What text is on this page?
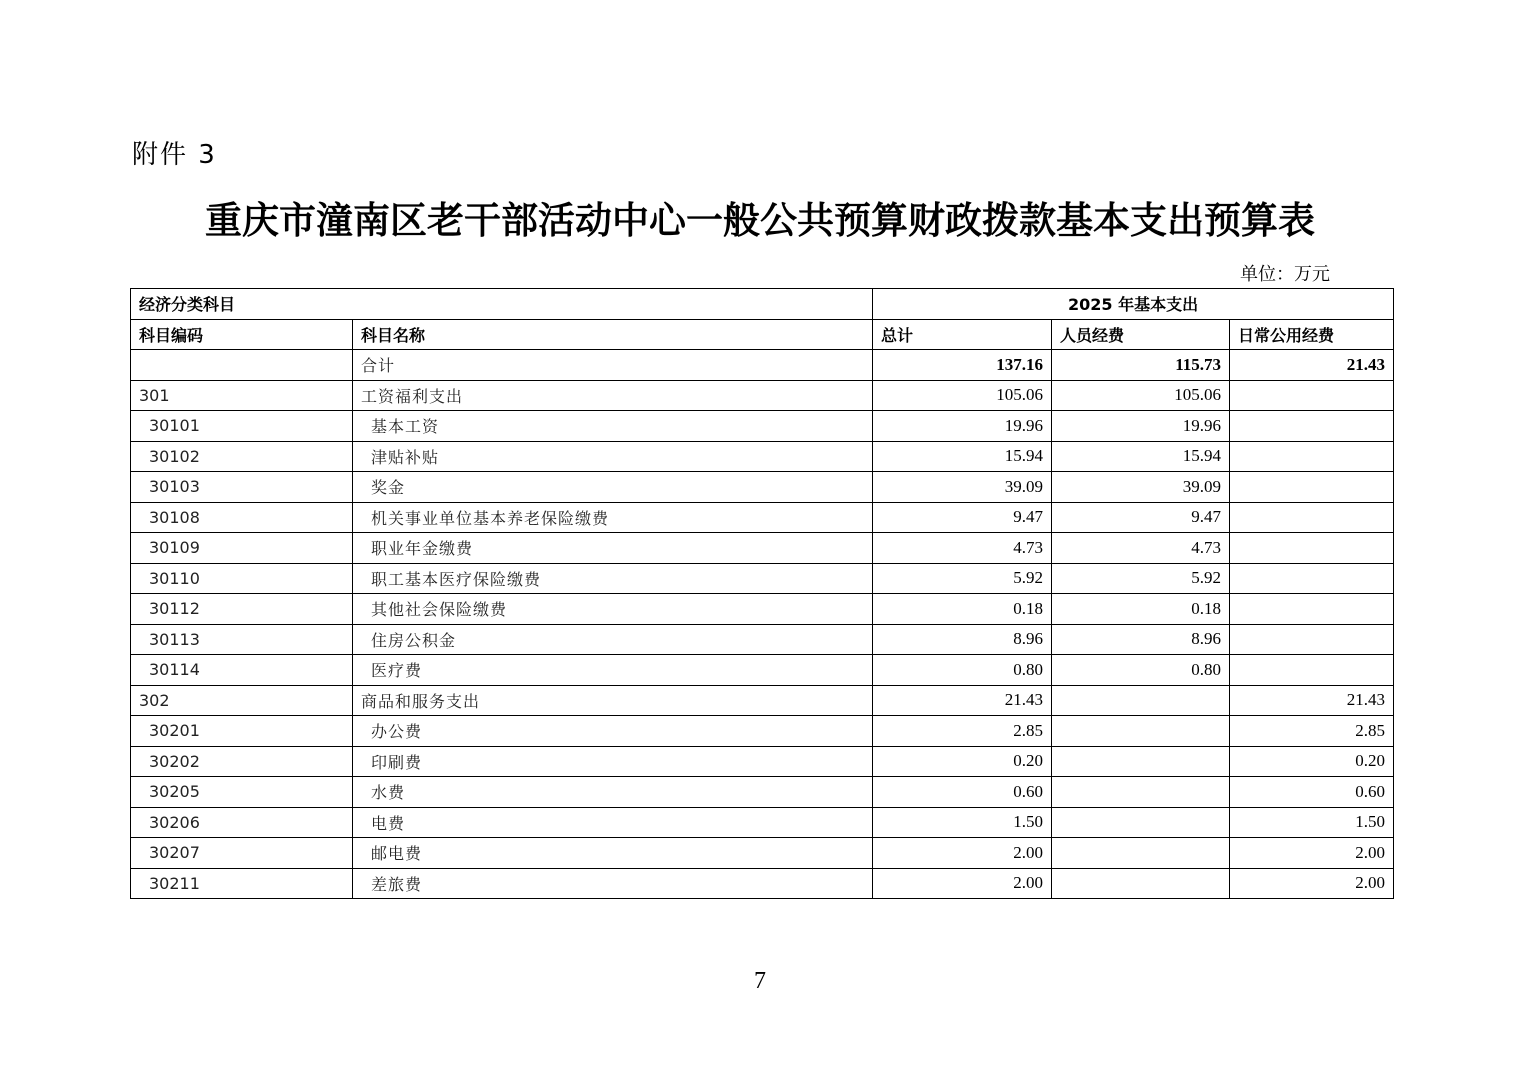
附件 3
重庆市潼南区老干部活动中心一般公共预算财政拨款基本支出预算表
单位：万元
经济分类科目		2025 年基本支出		
科目编码	科目名称	总计	人员经费	日常公用经费
	合计	137.16	115.73	21.43
301	工资福利支出	105.06	105.06	
30101	基本工资	19.96	19.96	
30102	津贴补贴	15.94	15.94	
30103	奖金	39.09	39.09	
30108	机关事业单位基本养老保险缴费	9.47	9.47	
30109	职业年金缴费	4.73	4.73	
30110	职工基本医疗保险缴费	5.92	5.92	
30112	其他社会保险缴费	0.18	0.18	
30113	住房公积金	8.96	8.96	
30114	医疗费	0.80	0.80	
302	商品和服务支出	21.43		21.43
30201	办公费	2.85		2.85
30202	印刷费	0.20		0.20
30205	水费	0.60		0.60
30206	电费	1.50		1.50
30207	邮电费	2.00		2.00
30211	差旅费	2.00		2.00
7
